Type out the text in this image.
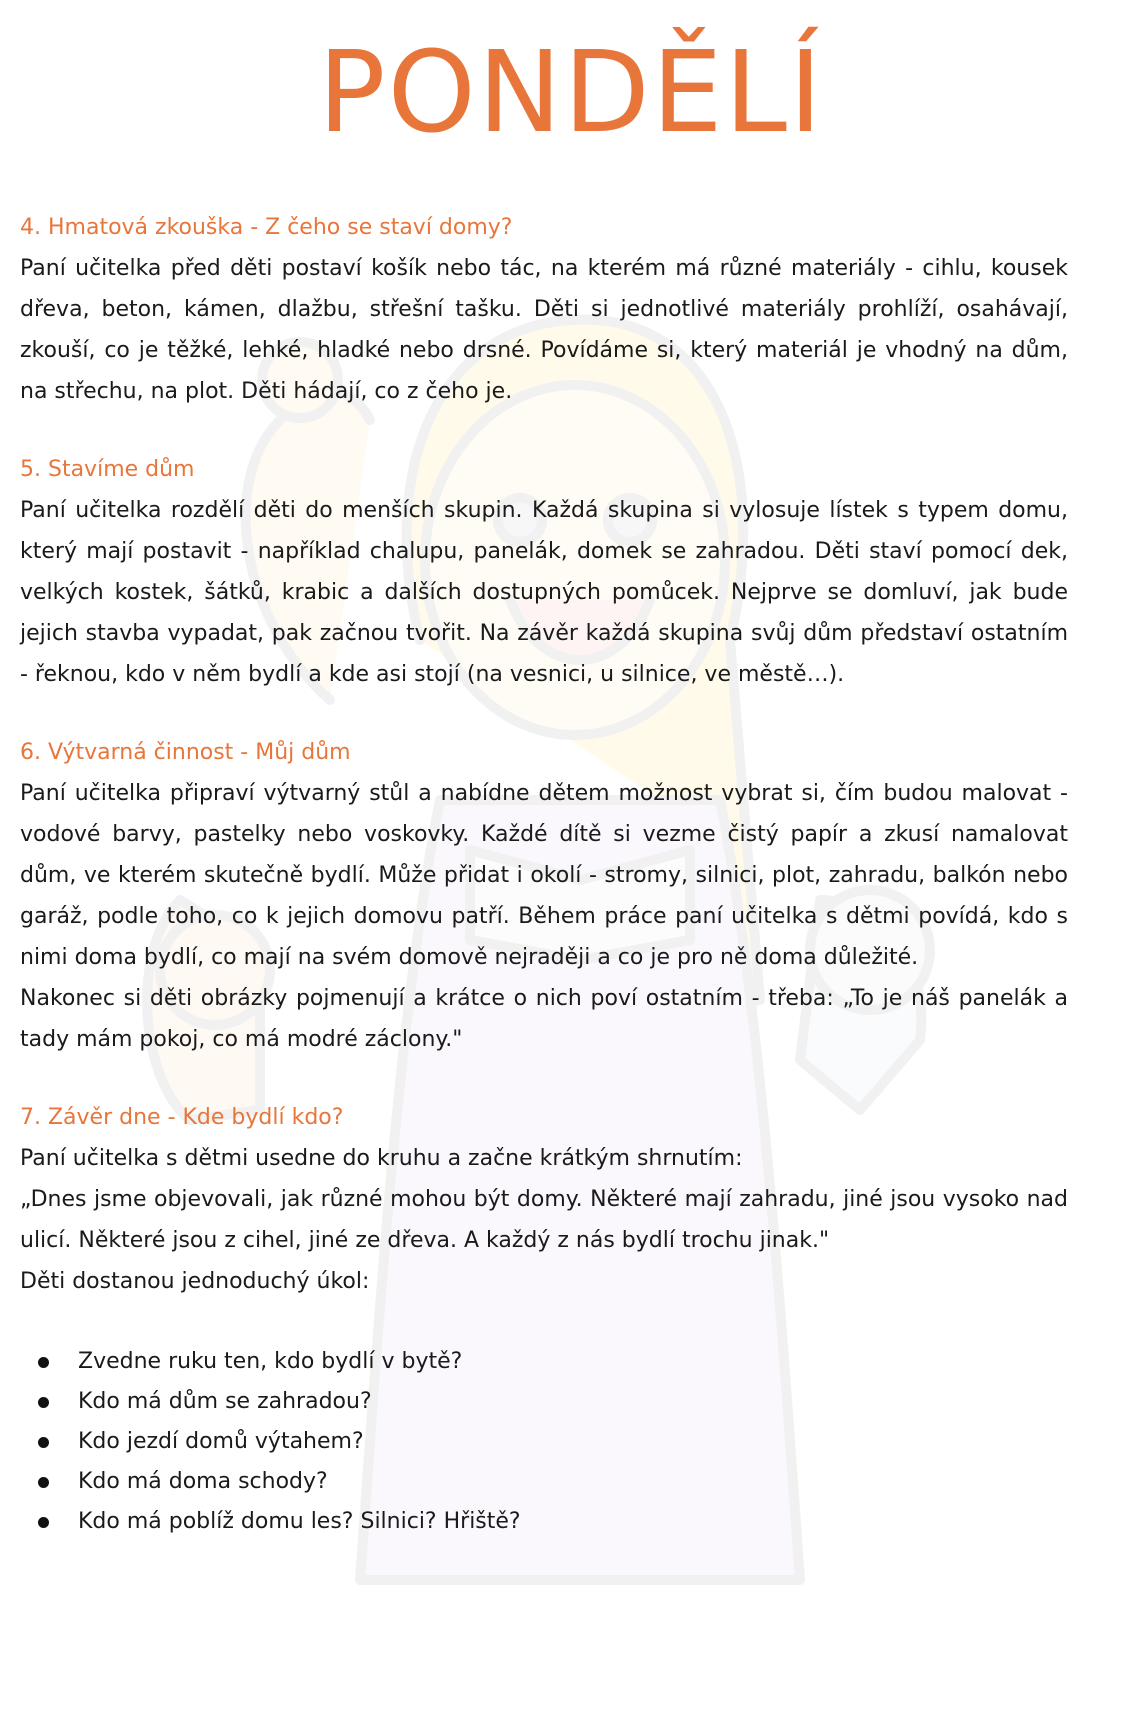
PONDĚLÍ

4. Hmatová zkouška - Z čeho se staví domy?

Paní učitelka před děti postaví košík nebo tác, na kterém má různé materiály - cihlu, kousek dřeva, beton, kámen, dlažbu, střešní tašku. Děti si jednotlivé materiály prohlíží, osahávají, zkouší, co je těžké, lehké, hladké nebo drsné. Povídáme si, který materiál je vhodný na dům, na střechu, na plot. Děti hádají, co z čeho je.

5. Stavíme dům

Paní učitelka rozdělí děti do menších skupin. Každá skupina si vylosuje lístek s typem domu, který mají postavit - například chalupu, panelák, domek se zahradou. Děti staví pomocí dek, velkých kostek, šátků, krabic a dalších dostupných pomůcek. Nejprve se domluví, jak bude jejich stavba vypadat, pak začnou tvořit. Na závěr každá skupina svůj dům představí ostatním - řeknou, kdo v něm bydlí a kde asi stojí (na vesnici, u silnice, ve městě…).

6. Výtvarná činnost - Můj dům

Paní učitelka připraví výtvarný stůl a nabídne dětem možnost vybrat si, čím budou malovat - vodové barvy, pastelky nebo voskovky. Každé dítě si vezme čistý papír a zkusí namalovat dům, ve kterém skutečně bydlí. Může přidat i okolí - stromy, silnici, plot, zahradu, balkón nebo garáž, podle toho, co k jejich domovu patří. Během práce paní učitelka s dětmi povídá, kdo s nimi doma bydlí, co mají na svém domově nejraději a co je pro ně doma důležité.

Nakonec si děti obrázky pojmenují a krátce o nich poví ostatním - třeba: „To je náš panelák a tady mám pokoj, co má modré záclony."

7. Závěr dne - Kde bydlí kdo?

Paní učitelka s dětmi usedne do kruhu a začne krátkým shrnutím:

„Dnes jsme objevovali, jak různé mohou být domy. Některé mají zahradu, jiné jsou vysoko nad ulicí. Některé jsou z cihel, jiné ze dřeva. A každý z nás bydlí trochu jinak."

Děti dostanou jednoduchý úkol:

Zvedne ruku ten, kdo bydlí v bytě?
Kdo má dům se zahradou?
Kdo jezdí domů výtahem?
Kdo má doma schody?
Kdo má poblíž domu les? Silnici? Hřiště?
